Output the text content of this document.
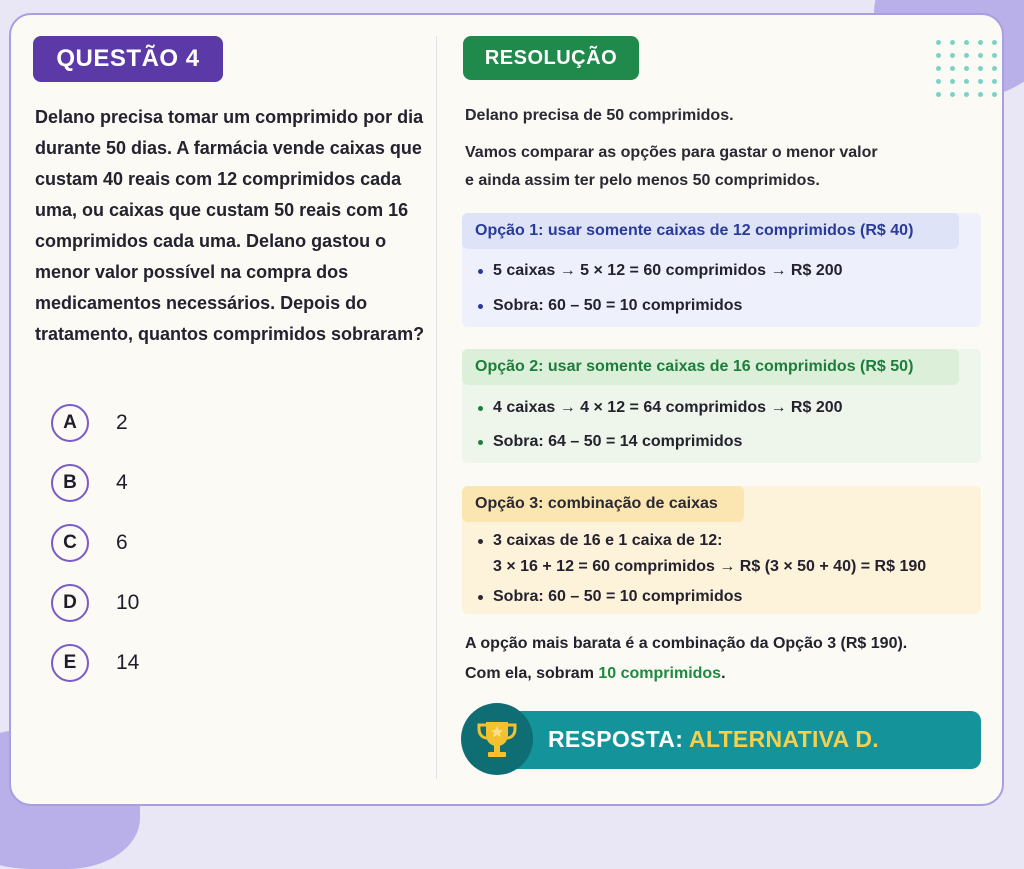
QUESTÃO 4
Delano precisa tomar um comprimido por dia durante 50 dias. A farmácia vende caixas que custam 40 reais com 12 comprimidos cada uma, ou caixas que custam 50 reais com 16 comprimidos cada uma. Delano gastou o menor valor possível na compra dos medicamentos necessários. Depois do tratamento, quantos comprimidos sobraram?
A	2
B	4
C	6
D	10
E	14
RESOLUÇÃO
Delano precisa de 50 comprimidos.
Vamos comparar as opções para gastar o menor valor
e ainda assim ter pelo menos 50 comprimidos.
Opção 1: usar somente caixas de 12 comprimidos (R$ 40)
5 caixas → 5 × 12 = 60 comprimidos → R$ 200
Sobra: 60 – 50 = 10 comprimidos
Opção 2: usar somente caixas de 16 comprimidos (R$ 50)
4 caixas → 4 × 12 = 64 comprimidos → R$ 200
Sobra: 64 – 50 = 14 comprimidos
Opção 3: combinação de caixas
3 caixas de 16 e 1 caixa de 12:
3 × 16 + 12 = 60 comprimidos → R$ (3 × 50 + 40) = R$ 190
Sobra: 60 – 50 = 10 comprimidos
A opção mais barata é a combinação da Opção 3 (R$ 190).
Com ela, sobram 10 comprimidos.
RESPOSTA: ALTERNATIVA D.
